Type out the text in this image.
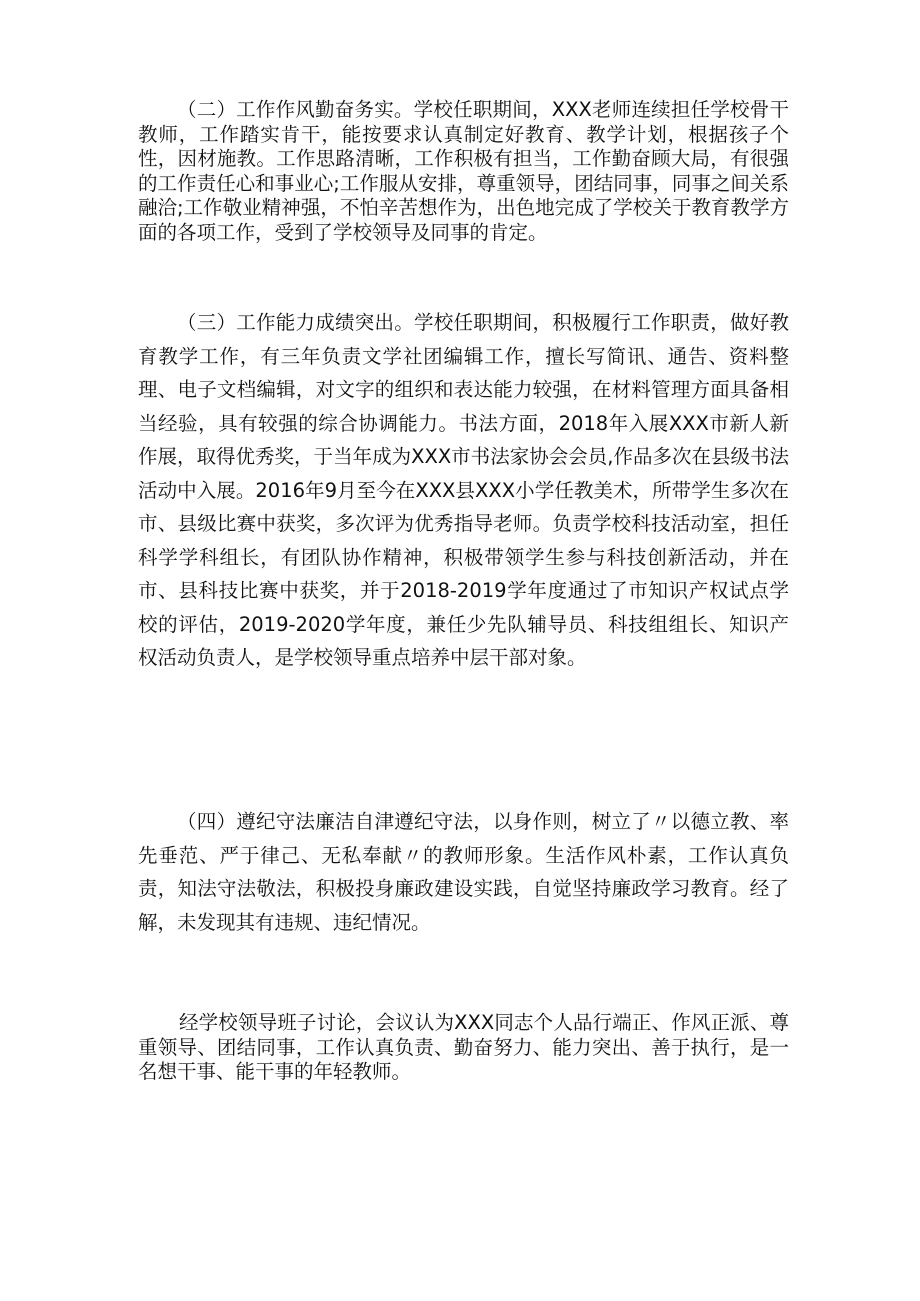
（二）工作作风勤奋务实。学校任职期间，XXX老师连续担任学校骨干教师，工作踏实肯干，能按要求认真制定好教育、教学计划，根据孩子个性，因材施教。工作思路清晰，工作积极有担当，工作勤奋顾大局，有很强的工作责任心和事业心;工作服从安排，尊重领导，团结同事，同事之间关系融洽;工作敬业精神强，不怕辛苦想作为，出色地完成了学校关于教育教学方面的各项工作，受到了学校领导及同事的肯定。

（三）工作能力成绩突出。学校任职期间，积极履行工作职责，做好教育教学工作，有三年负责文学社团编辑工作，擅长写简讯、通告、资料整理、电子文档编辑，对文字的组织和表达能力较强，在材料管理方面具备相当经验，具有较强的综合协调能力。书法方面，2018年入展XXX市新人新作展，取得优秀奖，于当年成为XXX市书法家协会会员,作品多次在县级书法活动中入展。2016年9月至今在XXX县XXX小学任教美术，所带学生多次在市、县级比赛中获奖，多次评为优秀指导老师。负责学校科技活动室，担任科学学科组长，有团队协作精神，积极带领学生参与科技创新活动，并在市、县科技比赛中获奖，并于2018-2019学年度通过了市知识产权试点学校的评估，2019-2020学年度，兼任少先队辅导员、科技组组长、知识产权活动负责人，是学校领导重点培养中层干部对象。

（四）遵纪守法廉洁自津遵纪守法，以身作则，树立了〃以德立教、率先垂范、严于律己、无私奉献〃的教师形象。生活作风朴素，工作认真负责，知法守法敬法，积极投身廉政建设实践，自觉坚持廉政学习教育。经了解，未发现其有违规、违纪情况。

经学校领导班子讨论，会议认为XXX同志个人品行端正、作风正派、尊重领导、团结同事，工作认真负责、勤奋努力、能力突出、善于执行，是一名想干事、能干事的年轻教师。
